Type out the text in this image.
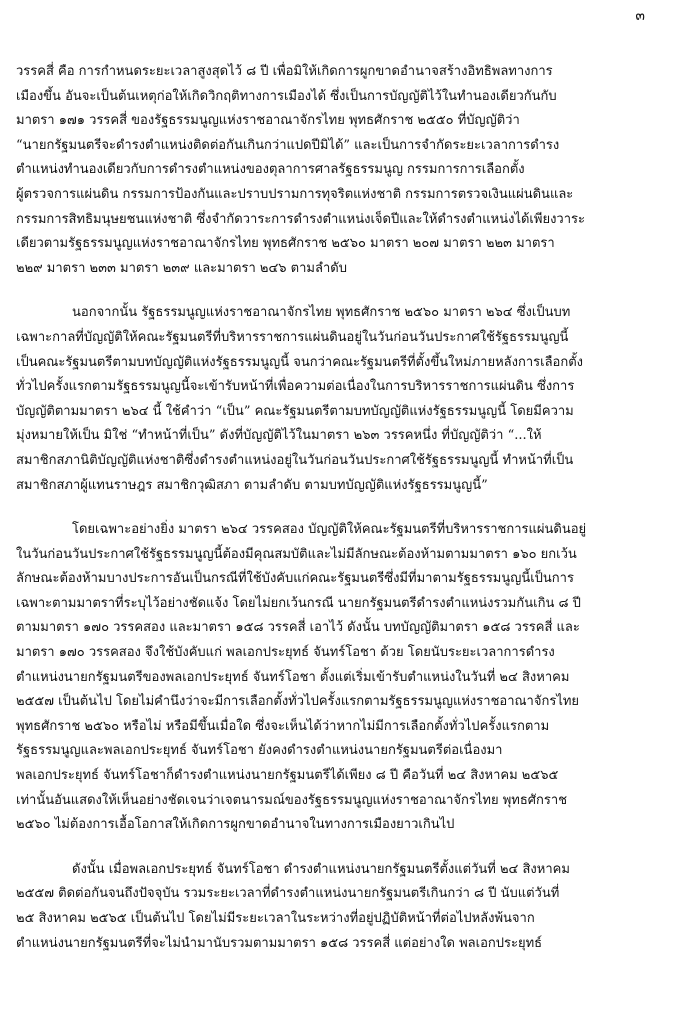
๓
วรรคสี่ คือ การกำหนดระยะเวลาสูงสุดไว้ ๘ ปี เพื่อมิให้เกิดการผูกขาดอำนาจสร้างอิทธิพลทางการ
เมืองขึ้น อันจะเป็นต้นเหตุก่อให้เกิดวิกฤติทางการเมืองได้ ซึ่งเป็นการบัญญัติไว้ในทำนองเดียวกันกับ
มาตรา ๑๗๑ วรรคสี่ ของรัฐธรรมนูญแห่งราชอาณาจักรไทย พุทธศักราช ๒๕๕๐ ที่บัญญัติว่า
“นายกรัฐมนตรีจะดำรงตำแหน่งติดต่อกันเกินกว่าแปดปีมิได้” และเป็นการจำกัดระยะเวลาการดำรง
ตำแหน่งทำนองเดียวกับการดำรงตำแหน่งของตุลาการศาลรัฐธรรมนูญ กรรมการการเลือกตั้ง
ผู้ตรวจการแผ่นดิน กรรมการป้องกันและปราบปรามการทุจริตแห่งชาติ กรรมการตรวจเงินแผ่นดินและ
กรรมการสิทธิมนุษยชนแห่งชาติ ซึ่งจำกัดวาระการดำรงตำแหน่งเจ็ดปีและให้ดำรงตำแหน่งได้เพียงวาระ
เดียวตามรัฐธรรมนูญแห่งราชอาณาจักรไทย พุทธศักราช ๒๕๖๐ มาตรา ๒๐๗ มาตรา ๒๒๓ มาตรา
๒๒๙ มาตรา ๒๓๓ มาตรา ๒๓๙ และมาตรา ๒๔๖ ตามลำดับ
นอกจากนั้น รัฐธรรมนูญแห่งราชอาณาจักรไทย พุทธศักราช ๒๕๖๐ มาตรา ๒๖๔ ซึ่งเป็นบท
เฉพาะกาลที่บัญญัติให้คณะรัฐมนตรีที่บริหารราชการแผ่นดินอยู่ในวันก่อนวันประกาศใช้รัฐธรรมนูญนี้
เป็นคณะรัฐมนตรีตามบทบัญญัติแห่งรัฐธรรมนูญนี้ จนกว่าคณะรัฐมนตรีที่ตั้งขึ้นใหม่ภายหลังการเลือกตั้ง
ทั่วไปครั้งแรกตามรัฐธรรมนูญนี้จะเข้ารับหน้าที่เพื่อความต่อเนื่องในการบริหารราชการแผ่นดิน ซึ่งการ
บัญญัติตามมาตรา ๒๖๔ นี้ ใช้คำว่า “เป็น” คณะรัฐมนตรีตามบทบัญญัติแห่งรัฐธรรมนูญนี้ โดยมีความ
มุ่งหมายให้เป็น มิใช่ “ทำหน้าที่เป็น” ดังที่บัญญัติไว้ในมาตรา ๒๖๓ วรรคหนึ่ง ที่บัญญัติว่า “...ให้
สมาชิกสภานิติบัญญัติแห่งชาติซึ่งดำรงตำแหน่งอยู่ในวันก่อนวันประกาศใช้รัฐธรรมนูญนี้ ทำหน้าที่เป็น
สมาชิกสภาผู้แทนราษฎร สมาชิกวุฒิสภา ตามลำดับ ตามบทบัญญัติแห่งรัฐธรรมนูญนี้”
โดยเฉพาะอย่างยิ่ง มาตรา ๒๖๔ วรรคสอง บัญญัติให้คณะรัฐมนตรีที่บริหารราชการแผ่นดินอยู่
ในวันก่อนวันประกาศใช้รัฐธรรมนูญนี้ต้องมีคุณสมบัติและไม่มีลักษณะต้องห้ามตามมาตรา ๑๖๐ ยกเว้น
ลักษณะต้องห้ามบางประการอันเป็นกรณีที่ใช้บังคับแก่คณะรัฐมนตรีซึ่งมีที่มาตามรัฐธรรมนูญนี้เป็นการ
เฉพาะตามมาตราที่ระบุไว้อย่างชัดแจ้ง โดยไม่ยกเว้นกรณี นายกรัฐมนตรีดำรงตำแหน่งรวมกันเกิน ๘ ปี
ตามมาตรา ๑๗๐ วรรคสอง และมาตรา ๑๕๘ วรรคสี่ เอาไว้ ดังนั้น บทบัญญัติมาตรา ๑๕๘ วรรคสี่ และ
มาตรา ๑๗๐ วรรคสอง จึงใช้บังคับแก่ พลเอกประยุทธ์ จันทร์โอชา ด้วย โดยนับระยะเวลาการดำรง
ตำแหน่งนายกรัฐมนตรีของพลเอกประยุทธ์ จันทร์โอชา ตั้งแต่เริ่มเข้ารับตำแหน่งในวันที่ ๒๔ สิงหาคม
๒๕๕๗ เป็นต้นไป โดยไม่คำนึงว่าจะมีการเลือกตั้งทั่วไปครั้งแรกตามรัฐธรรมนูญแห่งราชอาณาจักรไทย
พุทธศักราช ๒๕๖๐ หรือไม่ หรือมีขึ้นเมื่อใด ซึ่งจะเห็นได้ว่าหากไม่มีการเลือกตั้งทั่วไปครั้งแรกตาม
รัฐธรรมนูญและพลเอกประยุทธ์ จันทร์โอชา ยังคงดำรงตำแหน่งนายกรัฐมนตรีต่อเนื่องมา
พลเอกประยุทธ์ จันทร์โอชาก็ดำรงตำแหน่งนายกรัฐมนตรีได้เพียง ๘ ปี คือวันที่ ๒๔ สิงหาคม ๒๕๖๕
เท่านั้นอันแสดงให้เห็นอย่างชัดเจนว่าเจตนารมณ์ของรัฐธรรมนูญแห่งราชอาณาจักรไทย พุทธศักราช
๒๕๖๐ ไม่ต้องการเอื้อโอกาสให้เกิดการผูกขาดอำนาจในทางการเมืองยาวเกินไป
ดังนั้น เมื่อพลเอกประยุทธ์ จันทร์โอชา ดำรงตำแหน่งนายกรัฐมนตรีตั้งแต่วันที่ ๒๔ สิงหาคม
๒๕๕๗ ติดต่อกันจนถึงปัจจุบัน รวมระยะเวลาที่ดำรงตำแหน่งนายกรัฐมนตรีเกินกว่า ๘ ปี นับแต่วันที่
๒๕ สิงหาคม ๒๕๖๕ เป็นต้นไป โดยไม่มีระยะเวลาในระหว่างที่อยู่ปฏิบัติหน้าที่ต่อไปหลังพ้นจาก
ตำแหน่งนายกรัฐมนตรีที่จะไม่นำมานับรวมตามมาตรา ๑๕๘ วรรคสี่ แต่อย่างใด พลเอกประยุทธ์
